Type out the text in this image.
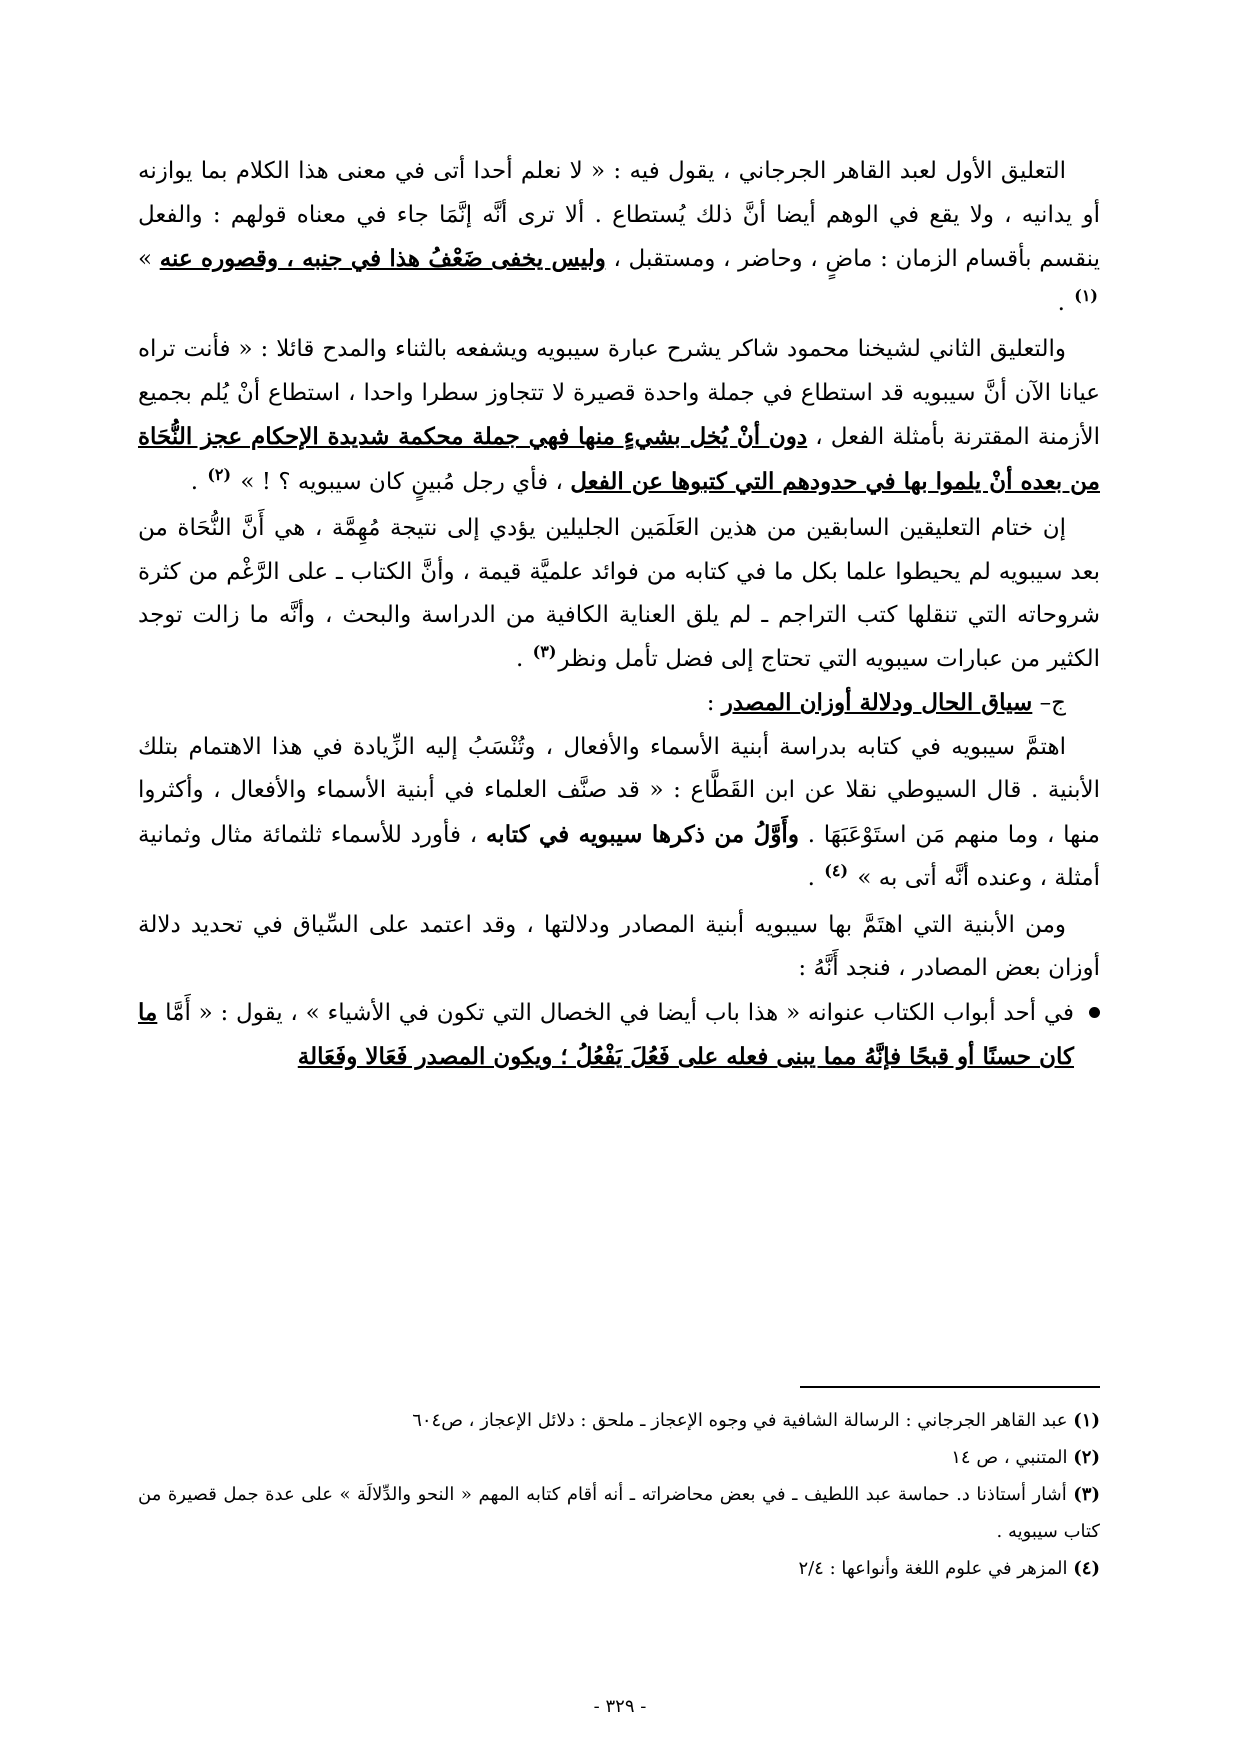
التعليق الأول لعبد القاهر الجرجاني ، يقول فيه : « لا نعلم أحدا أتى في معنى هذا الكلام بما يوازنه أو يدانيه ، ولا يقع في الوهم أيضا أنَّ ذلك يُستطاع . ألا ترى أنَّه إنَّمَا جاء في معناه قولهم : والفعل ينقسم بأقسام الزمان : ماضٍ ، وحاضر ، ومستقبل ، وليس يخفى ضَعْفُ هذا في جنبه ، وقصوره عنه » $^{(١)}$ .

والتعليق الثاني لشيخنا محمود شاكر يشرح عبارة سيبويه ويشفعه بالثناء والمدح قائلا : « فأنت تراه عيانا الآن أنَّ سيبويه قد استطاع في جملة واحدة قصيرة لا تتجاوز سطرا واحدا ، استطاع أنْ يُلم بجميع الأزمنة المقترنة بأمثلة الفعل ، دون أنْ يُخل بشيءٍ منها فهي جملة محكمة شديدة الإحكام عجز النُّحَاة من بعده أنْ يلموا بها في حدودهم التي كتبوها عن الفعل ، فأي رجل مُبينٍ كان سيبويه ؟ ! » $^{(٢)}$ .

إن ختام التعليقين السابقين من هذين العَلَمَين الجليلين يؤدي إلى نتيجة مُهِمَّة ، هي أَنَّ النُّحَاة من بعد سيبويه لم يحيطوا علما بكل ما في كتابه من فوائد علميَّة قيمة ، وأنَّ الكتاب ـ على الرَّغْم من كثرة شروحاته التي تنقلها كتب التراجم ـ لم يلق العناية الكافية من الدراسة والبحث ، وأنَّه ما زالت توجد الكثير من عبارات سيبويه التي تحتاج إلى فضل تأمل ونظر$^{(٣)}$ .

ج– سياق الحال ودلالة أوزان المصدر :

اهتمَّ سيبويه في كتابه بدراسة أبنية الأسماء والأفعال ، وتُنْسَبُ إليه الزِّيادة في هذا الاهتمام بتلك الأبنية . قال السيوطي نقلا عن ابن القَطَّاع : « قد صنَّف العلماء في أبنية الأسماء والأفعال ، وأكثروا منها ، وما منهم مَن استَوْعَبَهَا . وأَوَّلُ من ذكرها سيبويه في كتابه ، فأورد للأسماء ثلثمائة مثال وثمانية أمثلة ، وعنده أنَّه أتى به » $^{(٤)}$ .

ومن الأبنية التي اهتَمَّ بها سيبويه أبنية المصادر ودلالتها ، وقد اعتمد على السِّياق في تحديد دلالة أوزان بعض المصادر ، فنجد أَنَّهُ :

في أحد أبواب الكتاب عنوانه « هذا باب أيضا في الخصال التي تكون في الأشياء » ، يقول : « أَمَّا ما كان حسنًا أو قبحًا فإنَّهُ مما يبنى فعله على فَعُلَ يَفْعُلُ ؛ ويكون المصدر فَعَالا وفَعَالة

(١) عبد القاهر الجرجاني : الرسالة الشافية في وجوه الإعجاز ـ ملحق : دلائل الإعجاز ، ص٦٠٤

(٢) المتنبي ، ص ١٤

(٣) أشار أستاذنا د. حماسة عبد اللطيف ـ في بعض محاضراته ـ أنه أقام كتابه المهم « النحو والدِّلالَة » على عدة جمل قصيرة من كتاب سيبويه .

(٤) المزهر في علوم اللغة وأنواعها : ٢/٤

- ٣٢٩ -
